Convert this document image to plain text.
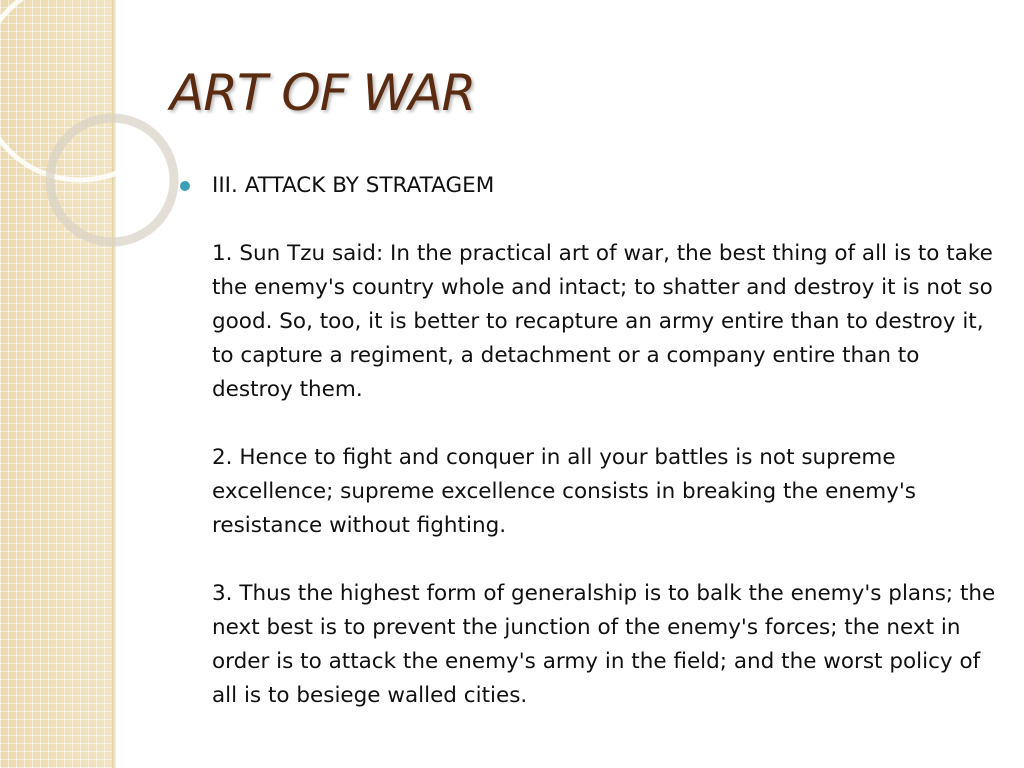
ART OF WAR

III. ATTACK BY STRATAGEM

1. Sun Tzu said: In the practical art of war, the best thing of all is to take the enemy's country whole and intact; to shatter and destroy it is not so good. So, too, it is better to recapture an army entire than to destroy it, to capture a regiment, a detachment or a company entire than to destroy them.

2. Hence to fight and conquer in all your battles is not supreme excellence; supreme excellence consists in breaking the enemy's resistance without fighting.

3. Thus the highest form of generalship is to balk the enemy's plans; the next best is to prevent the junction of the enemy's forces; the next in order is to attack the enemy's army in the field; and the worst policy of all is to besiege walled cities.
